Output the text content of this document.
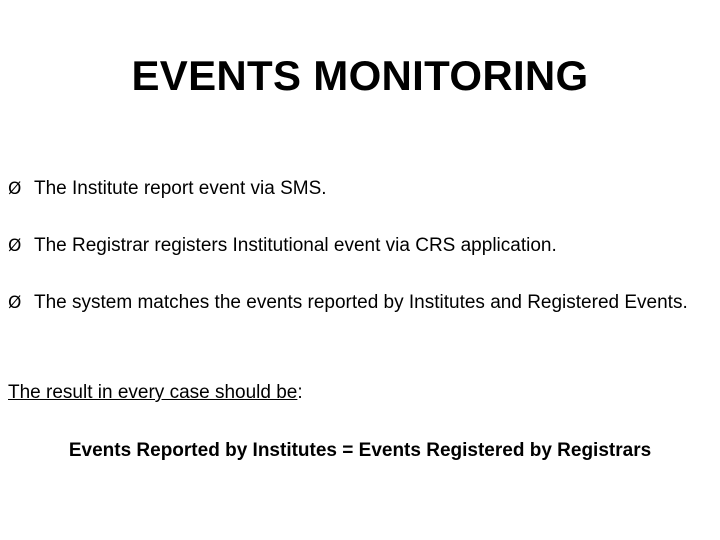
EVENTS MONITORING
Ø The Institute report event via SMS.
Ø The Registrar registers Institutional event via CRS application.
Ø The system matches the events reported by Institutes and Registered Events.
The result in every case should be:
Events Reported by Institutes = Events Registered by Registrars
